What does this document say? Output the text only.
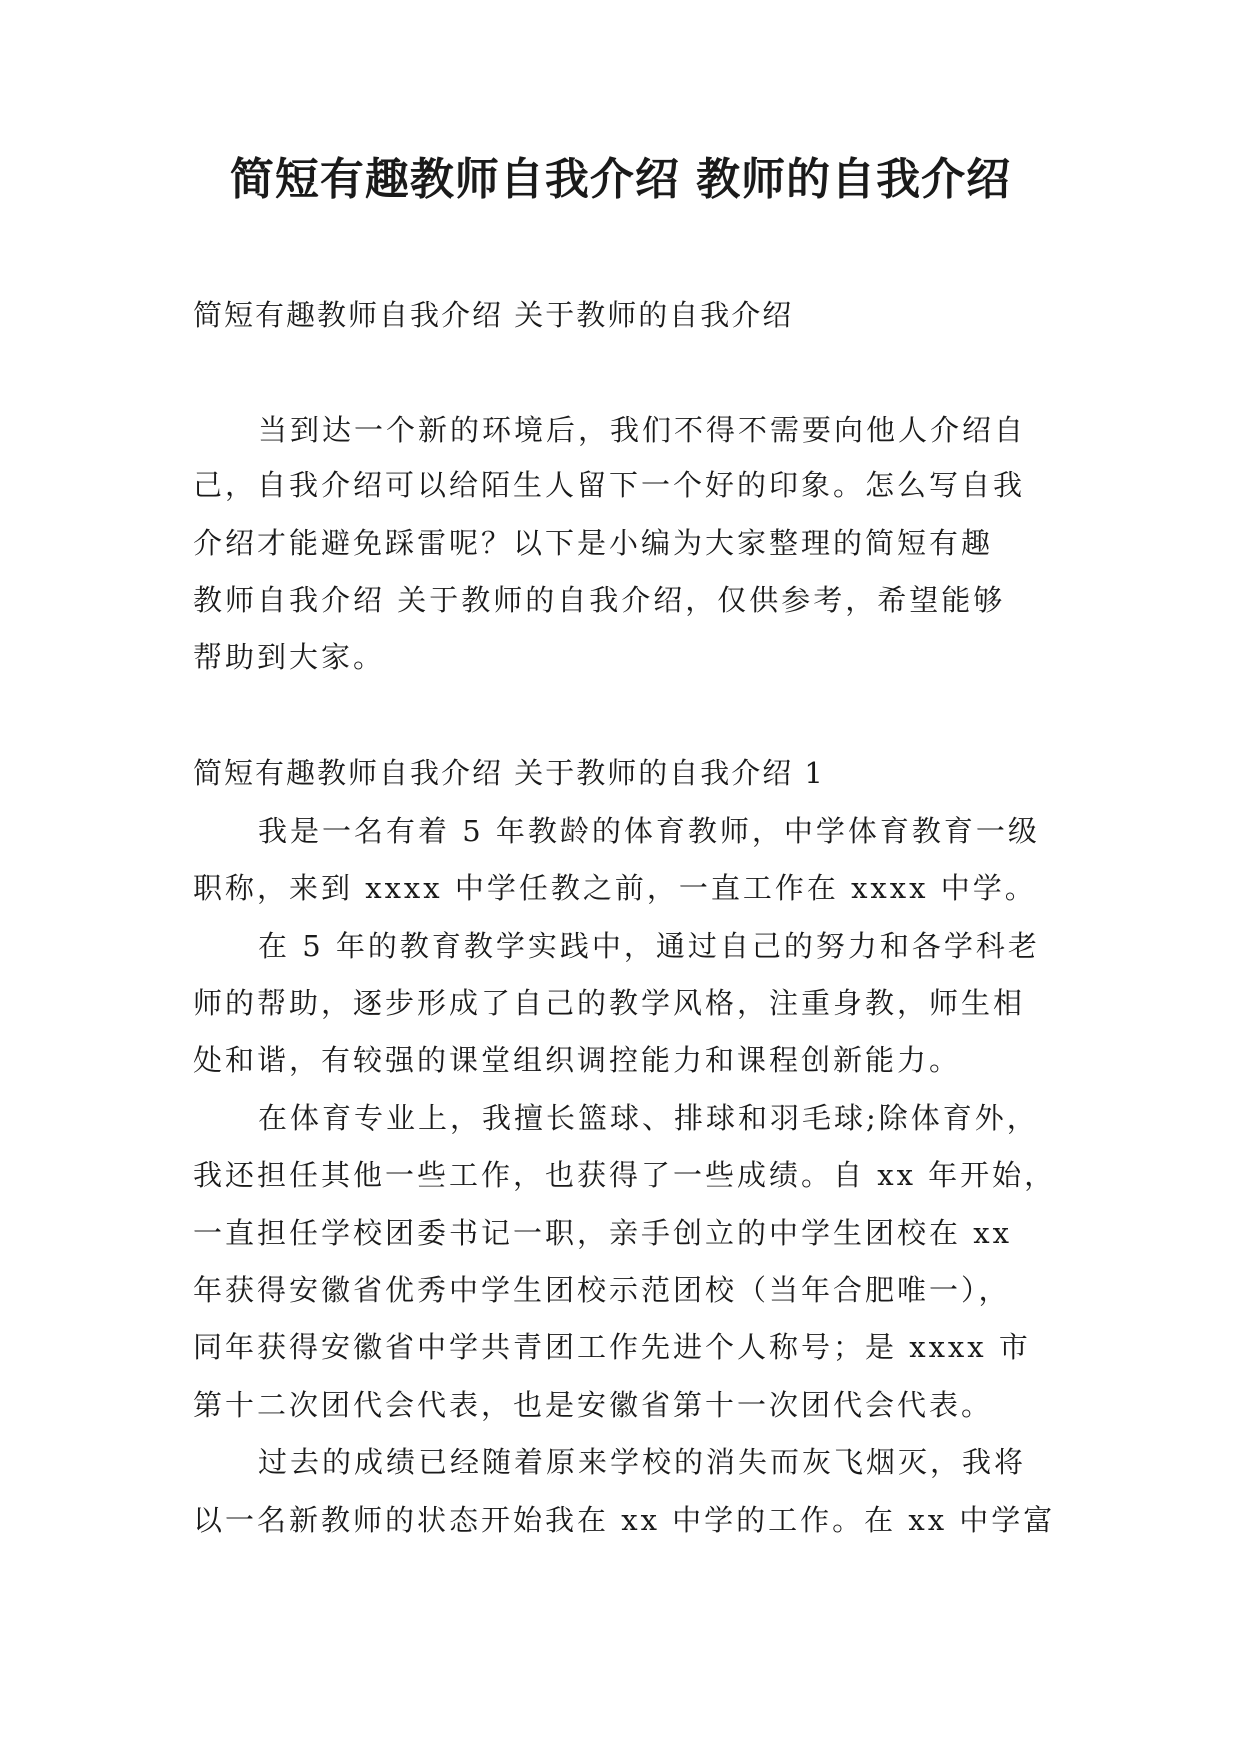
简短有趣教师自我介绍 教师的自我介绍
简短有趣教师自我介绍 关于教师的自我介绍
当到达一个新的环境后，我们不得不需要向他人介绍自
己，自我介绍可以给陌生人留下一个好的印象。怎么写自我
介绍才能避免踩雷呢？以下是小编为大家整理的简短有趣
教师自我介绍 关于教师的自我介绍，仅供参考，希望能够
帮助到大家。
简短有趣教师自我介绍 关于教师的自我介绍 1
我是一名有着 5 年教龄的体育教师，中学体育教育一级
职称，来到 xxxx 中学任教之前，一直工作在 xxxx 中学。
在 5 年的教育教学实践中，通过自己的努力和各学科老
师的帮助，逐步形成了自己的教学风格，注重身教，师生相
处和谐，有较强的课堂组织调控能力和课程创新能力。
在体育专业上，我擅长篮球、排球和羽毛球;除体育外，
我还担任其他一些工作，也获得了一些成绩。自 xx 年开始，
一直担任学校团委书记一职，亲手创立的中学生团校在 xx
年获得安徽省优秀中学生团校示范团校（当年合肥唯一），
同年获得安徽省中学共青团工作先进个人称号；是 xxxx 市
第十二次团代会代表，也是安徽省第十一次团代会代表。
过去的成绩已经随着原来学校的消失而灰飞烟灭，我将
以一名新教师的状态开始我在 xx 中学的工作。在 xx 中学富
